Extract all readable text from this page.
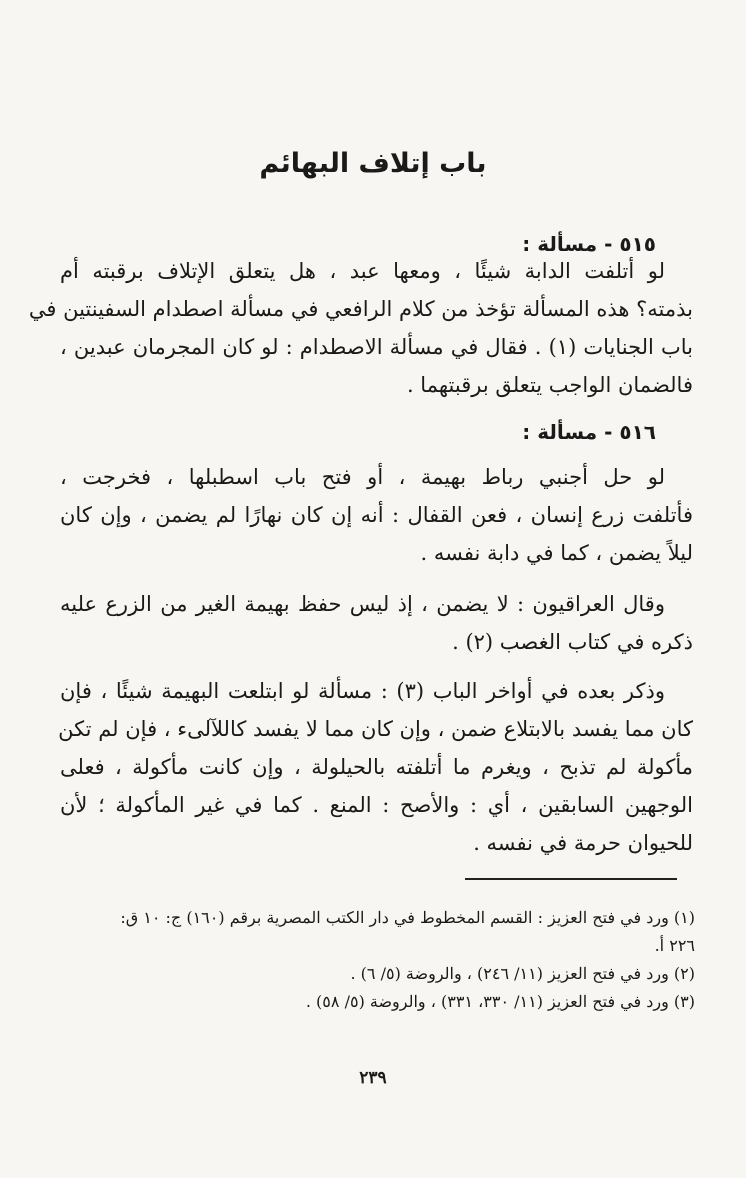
باب إتلاف البهائم
٥١٥ - مسألة :
لو أتلفت الدابة شيئًا ، ومعها عبد ، هل يتعلق الإتلاف برقبته أم
بذمته؟ هذه المسألة تؤخذ من كلام الرافعي في مسألة اصطدام السفينتين في
باب الجنايات (١) . فقال في مسألة الاصطدام : لو كان المجرمان عبدين ،
فالضمان الواجب يتعلق برقبتهما .
٥١٦ - مسألة :
لو حل أجنبي رباط بهيمة ، أو فتح باب اسطبلها ، فخرجت ،
فأتلفت زرع إنسان ، فعن القفال : أنه إن كان نهارًا لم يضمن ، وإن كان
ليلاً يضمن ، كما في دابة نفسه .
وقال العراقيون : لا يضمن ، إذ ليس حفظ بهيمة الغير من الزرع عليه
ذكره في كتاب الغصب (٢) .
وذكر بعده في أواخر الباب (٣) : مسألة لو ابتلعت البهيمة شيئًا ، فإن
كان مما يفسد بالابتلاع ضمن ، وإن كان مما لا يفسد كاللآلىء ، فإن لم تكن
مأكولة لم تذبح ، ويغرم ما أتلفته بالحيلولة ، وإن كانت مأكولة ، فعلى
الوجهين السابقين ، أي : والأصح : المنع . كما في غير المأكولة ؛ لأن
للحيوان حرمة في نفسه .
(١) ورد في فتح العزيز : القسم المخطوط في دار الكتب المصرية برقم (١٦٠) ج: ١٠ ق:
٢٢٦ أ.
(٢) ورد في فتح العزيز (١١/ ٢٤٦) ، والروضة (٥/ ٦) .
(٣) ورد في فتح العزيز (١١/ ٣٣٠، ٣٣١) ، والروضة (٥/ ٥٨) .
٢٣٩
